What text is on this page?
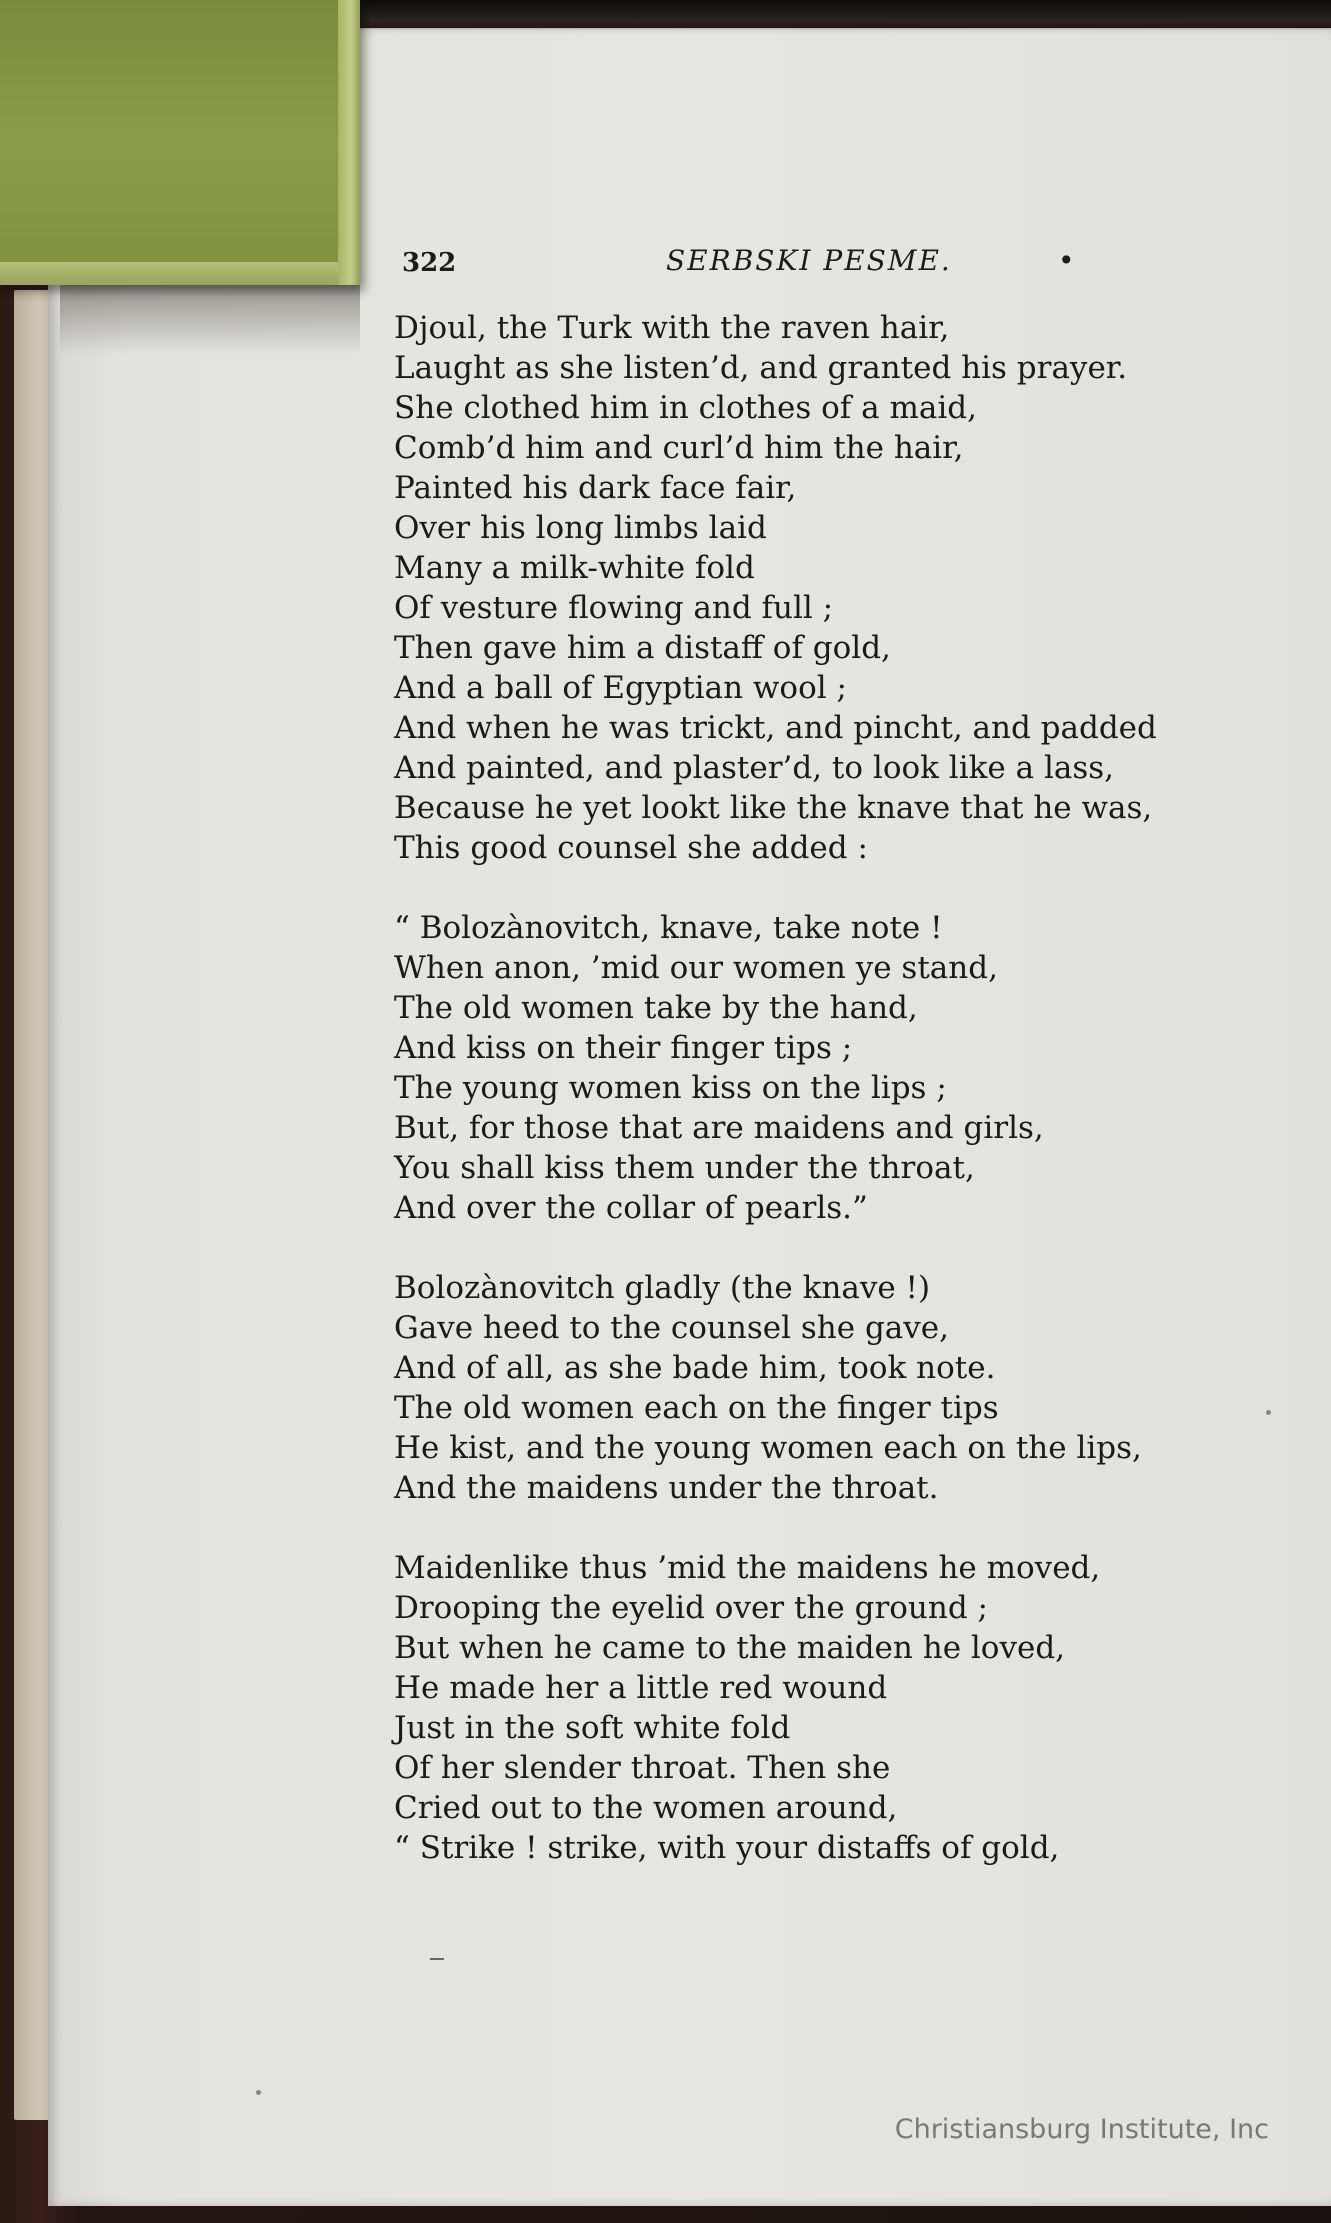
322	SERBSKI PESME.	•
Djoul, the Turk with the raven hair,
Laught as she listen’d, and granted his prayer.
She clothed him in clothes of a maid,
Comb’d him and curl’d him the hair,
Painted his dark face fair,
Over his long limbs laid
Many a milk-white fold
Of vesture flowing and full ;
Then gave him a distaff of gold,
And a ball of Egyptian wool ;
And when he was trickt, and pincht, and padded
And painted, and plaster’d, to look like a lass,
Because he yet lookt like the knave that he was,
This good counsel she added :
“ Bolozànovitch, knave, take note !
When anon, ’mid our women ye stand,
The old women take by the hand,
And kiss on their finger tips ;
The young women kiss on the lips ;
But, for those that are maidens and girls,
You shall kiss them under the throat,
And over the collar of pearls.”
Bolozànovitch gladly (the knave !)
Gave heed to the counsel she gave,
And of all, as she bade him, took note.
The old women each on the finger tips
He kist, and the young women each on the lips,
And the maidens under the throat.
Maidenlike thus ’mid the maidens he moved,
Drooping the eyelid over the ground ;
But when he came to the maiden he loved,
He made her a little red wound
Just in the soft white fold
Of her slender throat. Then she
Cried out to the women around,
“ Strike ! strike, with your distaffs of gold,
Christiansburg Institute, Inc
